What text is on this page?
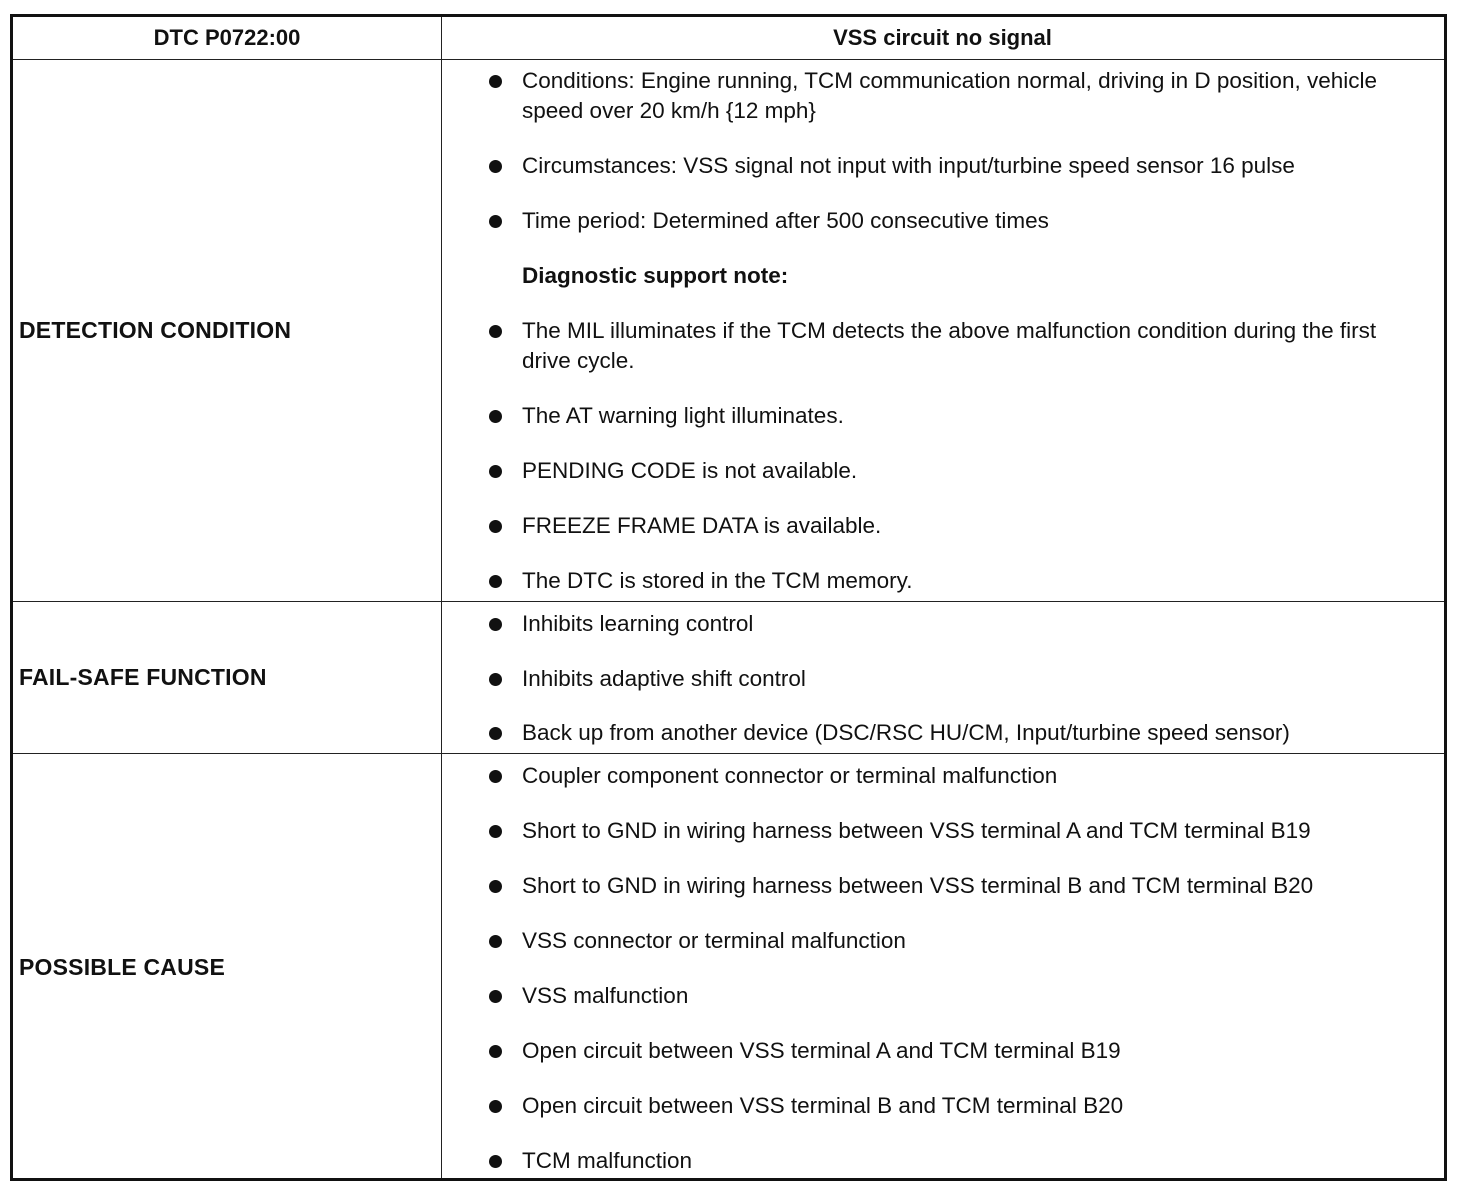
DTC P0722:00	VSS circuit no signal
DETECTION CONDITION
Conditions: Engine running, TCM communication normal, driving in D position, vehicle speed over 20 km/h {12 mph}
Circumstances: VSS signal not input with input/turbine speed sensor 16 pulse
Time period: Determined after 500 consecutive times
Diagnostic support note:
The MIL illuminates if the TCM detects the above malfunction condition during the first drive cycle.
The AT warning light illuminates.
PENDING CODE is not available.
FREEZE FRAME DATA is available.
The DTC is stored in the TCM memory.
FAIL-SAFE FUNCTION
Inhibits learning control
Inhibits adaptive shift control
Back up from another device (DSC/RSC HU/CM, Input/turbine speed sensor)
POSSIBLE CAUSE
Coupler component connector or terminal malfunction
Short to GND in wiring harness between VSS terminal A and TCM terminal B19
Short to GND in wiring harness between VSS terminal B and TCM terminal B20
VSS connector or terminal malfunction
VSS malfunction
Open circuit between VSS terminal A and TCM terminal B19
Open circuit between VSS terminal B and TCM terminal B20
TCM malfunction
